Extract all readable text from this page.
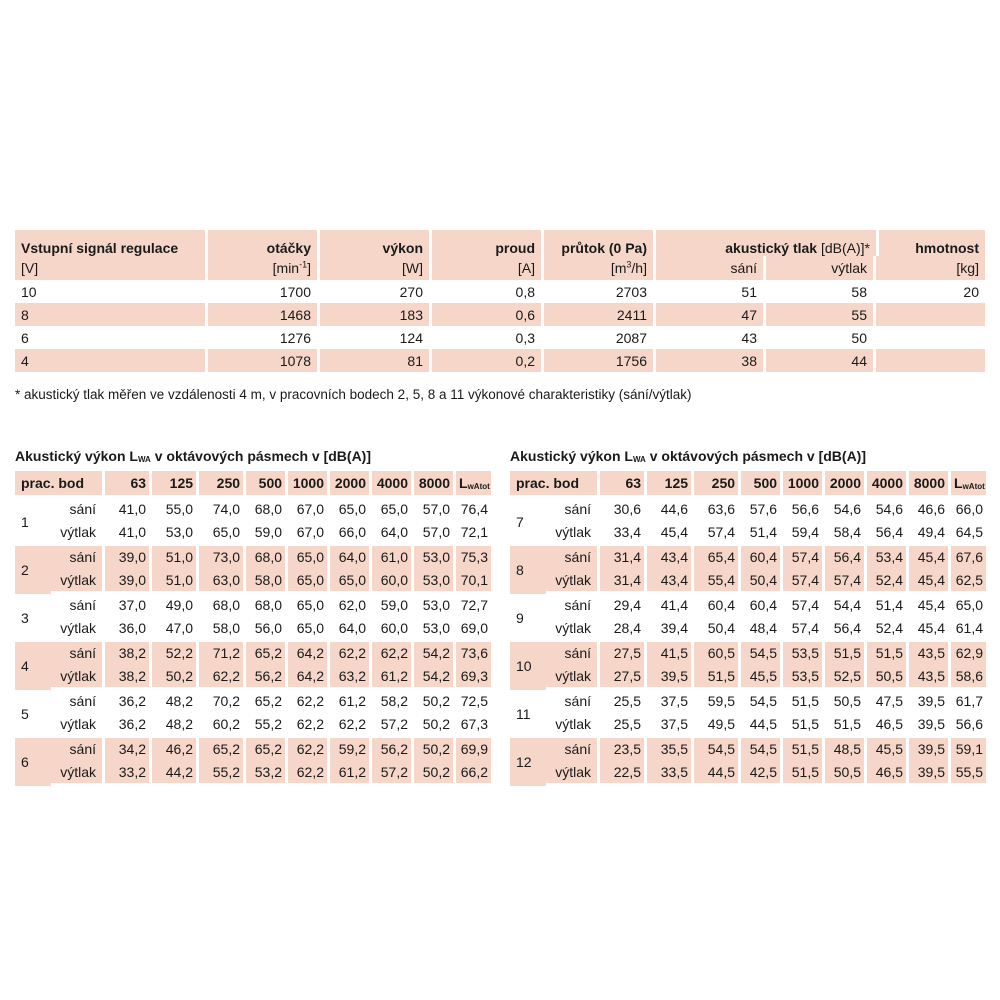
Vstupní signál regulace	otáčky	výkon	proud	průtok (0 Pa)	akustický tlak [dB(A)]*		hmotnost
[V]	$[\min^{-1}]$	[W]	[A]	$[m^3/h]$	sání	výtlak	[kg]
10	1700	270	0,8	2703	51	58	20
8	1468	183	0,6	2411	47	55	
6	1276	124	0,3	2087	43	50	
4	1078	81	0,2	1756	38	44	
* akustický tlak měřen ve vzdálenosti 4 m, v pracovních bodech 2, 5, 8 a 11 výkonové charakteristiky (sání/výtlak)
Akustický výkon $L_{WA}$ v oktávových pásmech v [dB(A)]	Akustický výkon $L_{WA}$ v oktávových pásmech v [dB(A)]
prac. bod		63	125	250	500	1000	2000	4000	8000	LwAtot
1	sání	41,0	55,0	74,0	68,0	67,0	65,0	65,0	57,0	76,4
	výtlak	41,0	53,0	65,0	59,0	67,0	66,0	64,0	57,0	72,1
2	sání	39,0	51,0	73,0	68,0	65,0	64,0	61,0	53,0	75,3
	výtlak	39,0	51,0	63,0	58,0	65,0	65,0	60,0	53,0	70,1
3	sání	37,0	49,0	68,0	68,0	65,0	62,0	59,0	53,0	72,7
	výtlak	36,0	47,0	58,0	56,0	65,0	64,0	60,0	53,0	69,0
4	sání	38,2	52,2	71,2	65,2	64,2	62,2	62,2	54,2	73,6
	výtlak	38,2	50,2	62,2	56,2	64,2	63,2	61,2	54,2	69,3
5	sání	36,2	48,2	70,2	65,2	62,2	61,2	58,2	50,2	72,5
	výtlak	36,2	48,2	60,2	55,2	62,2	62,2	57,2	50,2	67,3
6	sání	34,2	46,2	65,2	65,2	62,2	59,2	56,2	50,2	69,9
	výtlak	33,2	44,2	55,2	53,2	62,2	61,2	57,2	50,2	66,2
prac. bod		63	125	250	500	1000	2000	4000	8000	LwAtot
7	sání	30,6	44,6	63,6	57,6	56,6	54,6	54,6	46,6	66,0
	výtlak	33,4	45,4	57,4	51,4	59,4	58,4	56,4	49,4	64,5
8	sání	31,4	43,4	65,4	60,4	57,4	56,4	53,4	45,4	67,6
	výtlak	31,4	43,4	55,4	50,4	57,4	57,4	52,4	45,4	62,5
9	sání	29,4	41,4	60,4	60,4	57,4	54,4	51,4	45,4	65,0
	výtlak	28,4	39,4	50,4	48,4	57,4	56,4	52,4	45,4	61,4
10	sání	27,5	41,5	60,5	54,5	53,5	51,5	51,5	43,5	62,9
	výtlak	27,5	39,5	51,5	45,5	53,5	52,5	50,5	43,5	58,6
11	sání	25,5	37,5	59,5	54,5	51,5	50,5	47,5	39,5	61,7
	výtlak	25,5	37,5	49,5	44,5	51,5	51,5	46,5	39,5	56,6
12	sání	23,5	35,5	54,5	54,5	51,5	48,5	45,5	39,5	59,1
	výtlak	22,5	33,5	44,5	42,5	51,5	50,5	46,5	39,5	55,5
